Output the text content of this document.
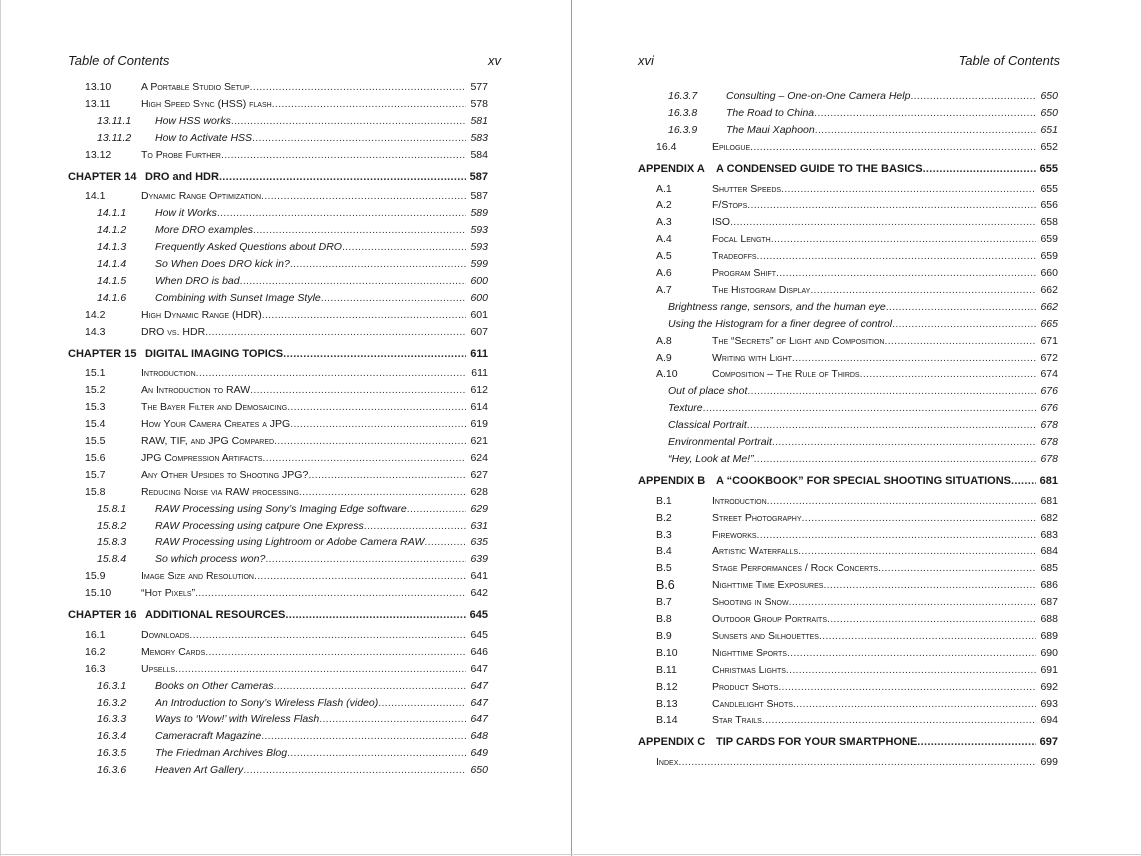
Table of Contents	xv
13.10	A Portable Studio Setup .....	577
13.11	High Speed Sync (HSS) flash .....	578
13.11.1 How HSS works .....	581
13.11.2 How to Activate HSS .....	583
13.12	To Probe Further .....	584
CHAPTER 14 DRO and HDR .....	587
14.1	Dynamic Range Optimization .....	587
14.1.1	How it Works .....	589
14.1.2	More DRO examples .....	593
14.1.3	Frequently Asked Questions about DRO .....	593
14.1.4	So When Does DRO kick in? .....	599
14.1.5	When DRO is bad .....	600
14.1.6	Combining with Sunset Image Style .....	600
14.2	High Dynamic Range (HDR) .....	601
14.3	DRO vs. HDR .....	607
CHAPTER 15 DIGITAL IMAGING TOPICS .....	611
15.1	Introduction .....	611
15.2	An Introduction to RAW .....	612
15.3	The Bayer Filter and Demosaicing .....	614
15.4	How Your Camera Creates a JPG .....	619
15.5	RAW, TIF, and JPG Compared .....	621
15.6	JPG Compression Artifacts .....	624
15.7	Any Other Upsides to Shooting JPG? .....	627
15.8	Reducing Noise via RAW processing .....	628
15.8.1	RAW Processing using Sony’s Imaging Edge software .....	629
15.8.2	RAW Processing using catpure One Express .....	631
15.8.3	RAW Processing using Lightroom or Adobe Camera RAW .....	635
15.8.4	So which process won? .....	639
15.9	Image Size and Resolution .....	641
15.10	“Hot Pixels” .....	642
CHAPTER 16 ADDITIONAL RESOURCES .....	645
16.1	Downloads .....	645
16.2	Memory Cards .....	646
16.3	Upsells .....	647
16.3.1	Books on Other Cameras .....	647
16.3.2	An Introduction to Sony’s Wireless Flash (video) .....	647
16.3.3	Ways to ‘Wow!’ with Wireless Flash .....	647
16.3.4	Cameracraft Magazine .....	648
16.3.5	The Friedman Archives Blog .....	649
16.3.6	Heaven Art Gallery .....	650
xvi	Table of Contents
16.3.7	Consulting – One-on-One Camera Help .....	650
16.3.8	The Road to China .....	650
16.3.9	The Maui Xaphoon .....	651
16.4	Epilogue .....	652
APPENDIX A A CONDENSED GUIDE TO THE BASICS .....	655
A.1	Shutter Speeds .....	655
A.2	F/Stops .....	656
A.3	ISO .....	658
A.4	Focal Length .....	659
A.5	Tradeoffs .....	659
A.6	Program Shift .....	660
A.7	The Histogram Display .....	662
Brightness range, sensors, and the human eye .....	662
Using the Histogram for a finer degree of control .....	665
A.8	The “Secrets” of Light and Composition .....	671
A.9	Writing with Light .....	672
A.10	Composition – The Rule of Thirds .....	674
Out of place shot .....	676
Texture .....	676
Classical Portrait .....	678
Environmental Portrait .....	678
“Hey, Look at Me!” .....	678
APPENDIX B A “COOKBOOK” FOR SPECIAL SHOOTING SITUATIONS .....	681
B.1	Introduction .....	681
B.2	Street Photography .....	682
B.3	Fireworks .....	683
B.4	Artistic Waterfalls .....	684
B.5	Stage Performances / Rock Concerts .....	685
B.6	Nighttime Time Exposures .....	686
B.7	Shooting in Snow .....	687
B.8	Outdoor Group Portraits .....	688
B.9	Sunsets and Silhouettes .....	689
B.10	Nighttime Sports .....	690
B.11	Christmas Lights .....	691
B.12	Product Shots .....	692
B.13	Candlelight Shots .....	693
B.14	Star Trails .....	694
APPENDIX C TIP CARDS FOR YOUR SMARTPHONE .....	697
Index .....	699
